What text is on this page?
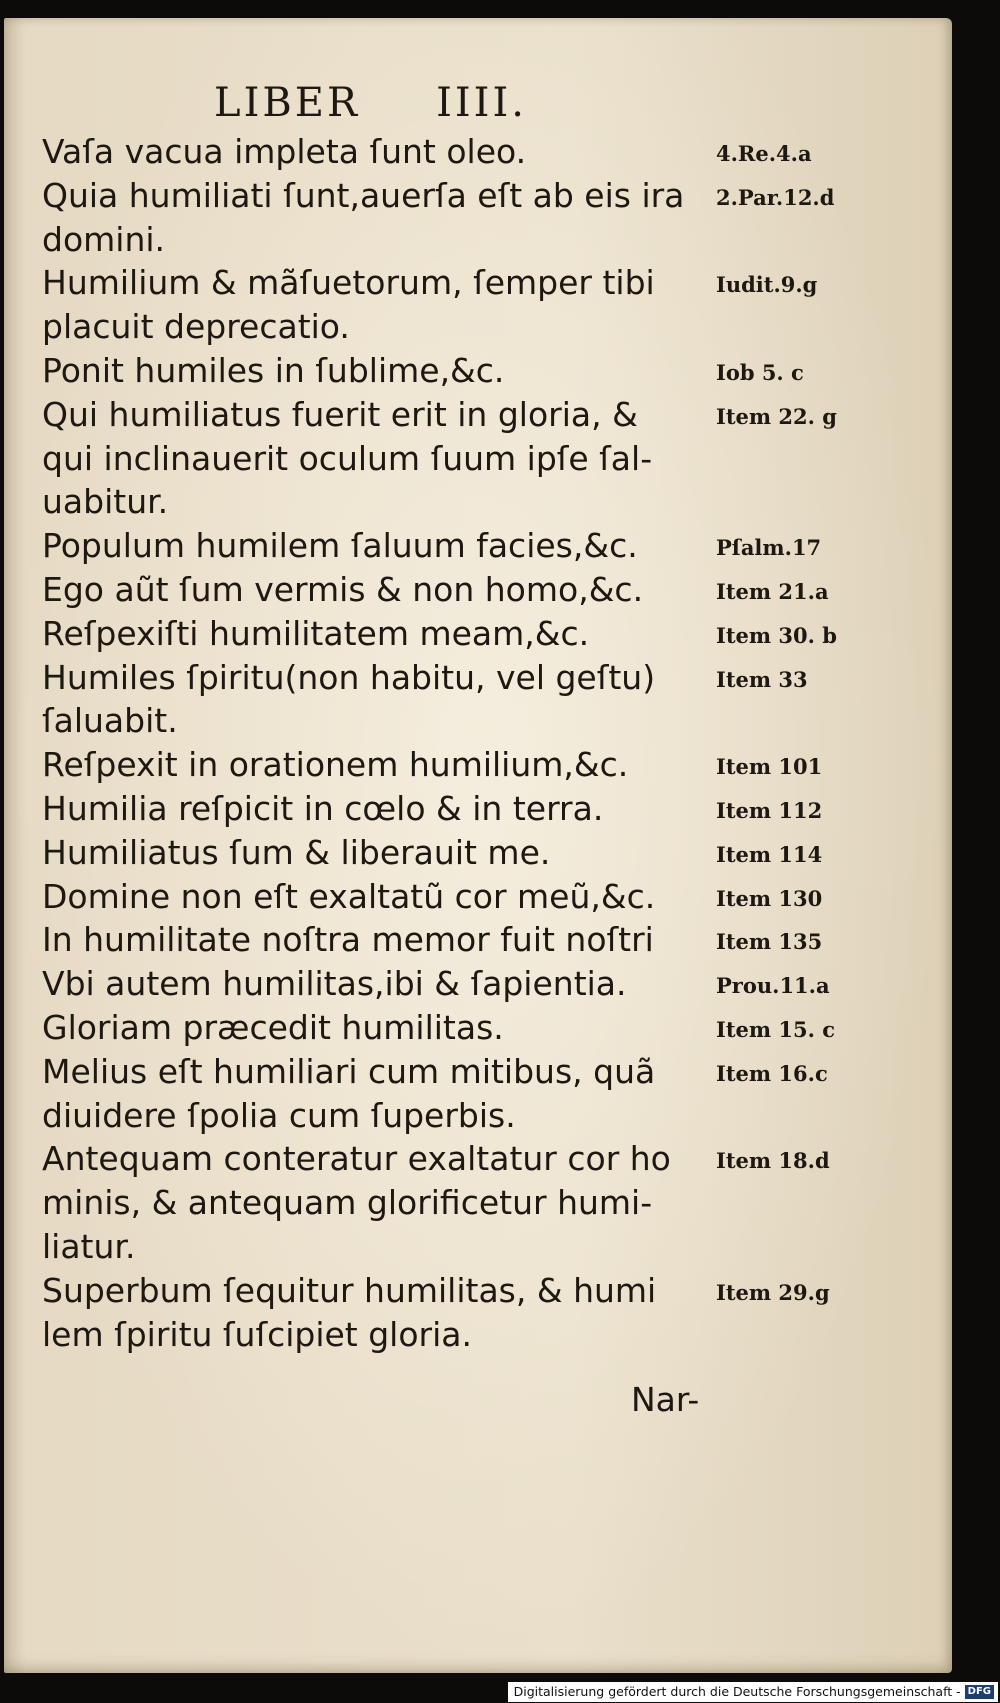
LIBER IIII.
Vaſa vacua impleta ſunt oleo.	4.Re.4.a
Quia humiliati ſunt,auerſa eſt ab eis ira 2.Par.12.d
domini.
Humilium & mãſuetorum, ſemper tibi	Iudit.9.g
placuit deprecatio.
Ponit humiles in ſublime,&c.	Iob 5. c
Qui humiliatus fuerit erit in gloria, &	Item 22. g
qui inclinauerit oculum ſuum ipſe ſal-
uabitur.
Populum humilem ſaluum facies,&c.	Pſalm.17
Ego aũt ſum vermis & non homo,&c.	Item 21.a
Reſpexiſti humilitatem meam,&c.	Item 30. b
Humiles ſpiritu(non habitu, vel geſtu)	Item 33
ſaluabit.
Reſpexit in orationem humilium,&c.	Item 101
Humilia reſpicit in cœlo & in terra.	Item 112
Humiliatus ſum & liberauit me.	Item 114
Domine non eſt exaltatũ cor meũ,&c.	Item 130
In humilitate noſtra memor fuit noſtri	Item 135
Vbi autem humilitas,ibi & ſapientia.	Prou.11.a
Gloriam præcedit humilitas.	Item 15. c
Melius eſt humiliari cum mitibus, quã	Item 16.c
diuidere ſpolia cum ſuperbis.
Antequam conteratur exaltatur cor ho Item 18.d
minis, & antequam glorificetur humi-
liatur.
Superbum ſequitur humilitas, & humi	Item 29.g
lem ſpiritu ſuſcipiet gloria.
Nar-
Digitalisierung gefördert durch die Deutsche Forschungsgemeinschaft - DFG
